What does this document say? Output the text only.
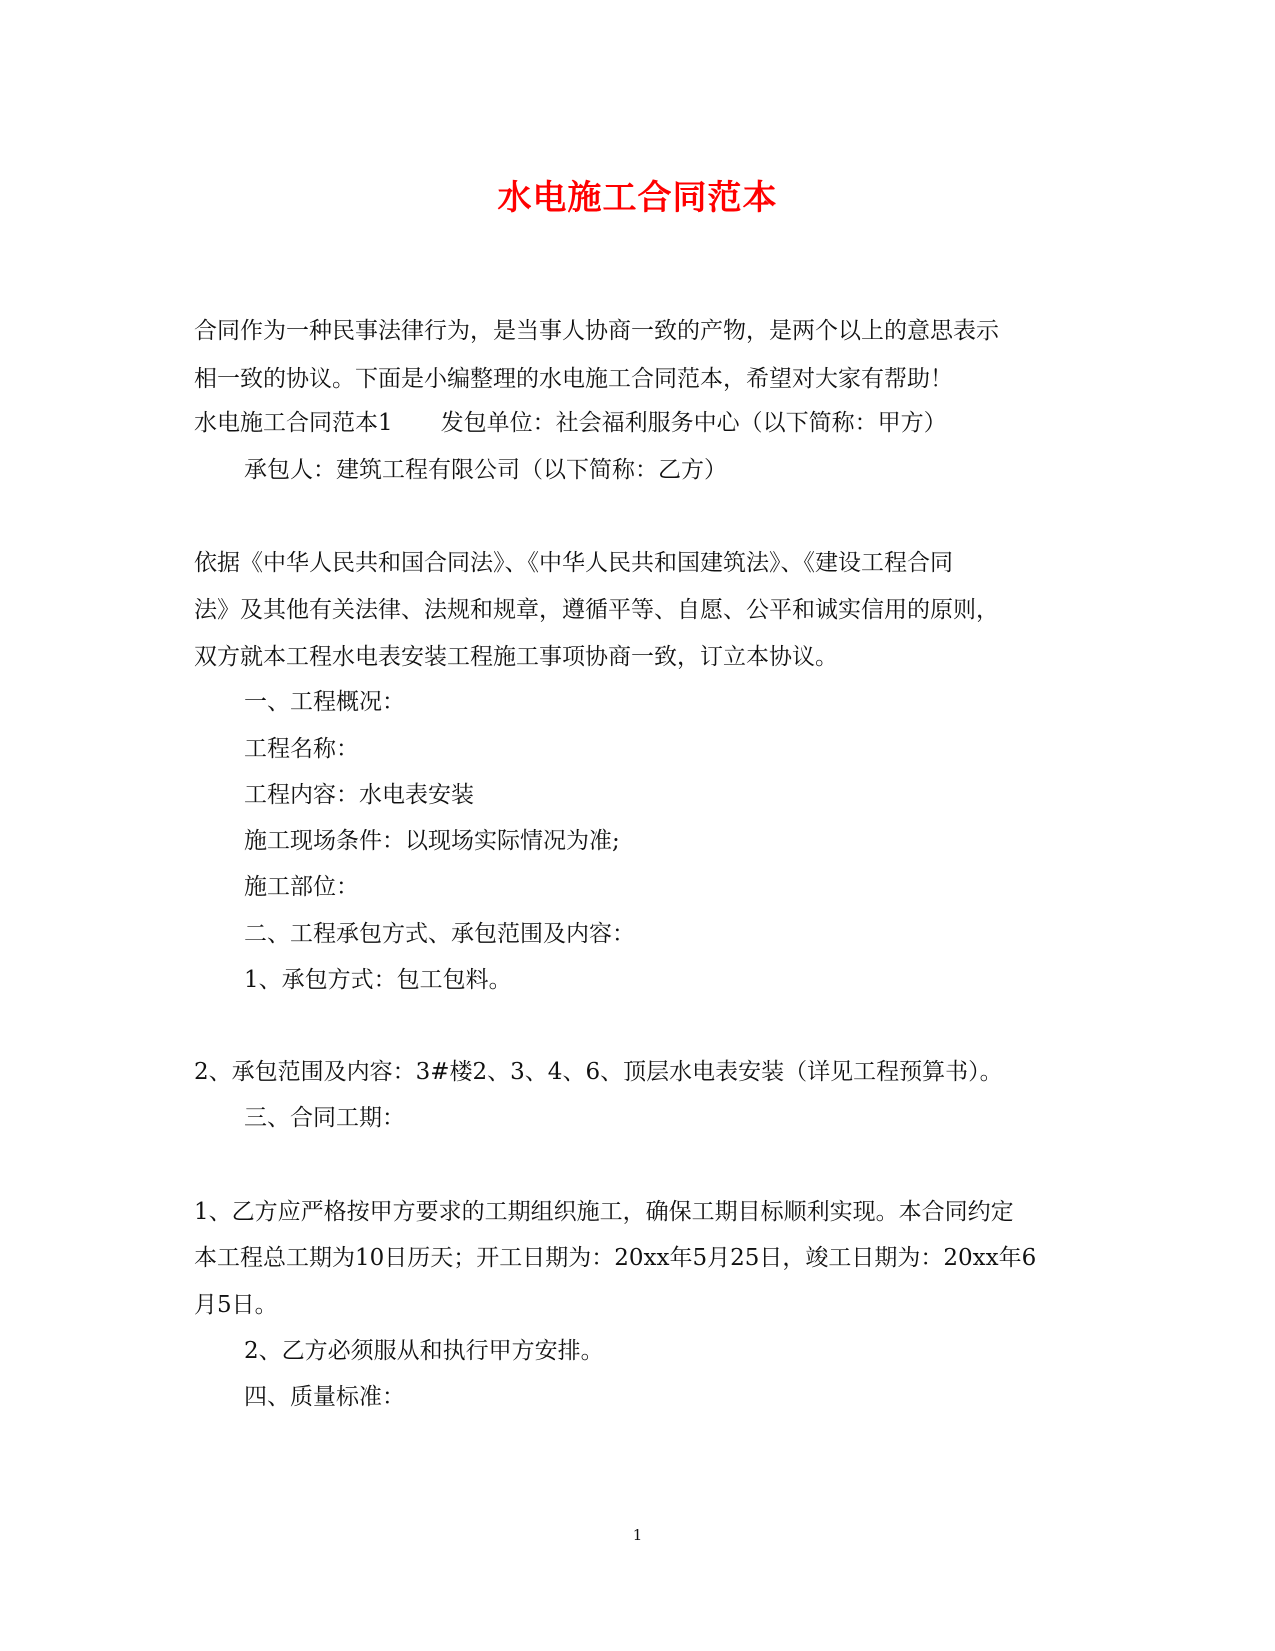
水电施工合同范本
合同作为一种民事法律行为，是当事人协商一致的产物，是两个以上的意思表示
相一致的协议。下面是小编整理的水电施工合同范本，希望对大家有帮助！
水电施工合同范本1 发包单位：社会福利服务中心（以下简称：甲方）
承包人：建筑工程有限公司（以下简称：乙方）
依据《中华人民共和国合同法》、《中华人民共和国建筑法》、《建设工程合同
法》及其他有关法律、法规和规章，遵循平等、自愿、公平和诚实信用的原则，
双方就本工程水电表安装工程施工事项协商一致，订立本协议。
一、工程概况：
工程名称：
工程内容：水电表安装
施工现场条件：以现场实际情况为准;
施工部位：
二、工程承包方式、承包范围及内容：
1、承包方式：包工包料。
2、承包范围及内容：3#楼2、3、4、6、顶层水电表安装（详见工程预算书）。
三、合同工期：
1、乙方应严格按甲方要求的工期组织施工，确保工期目标顺利实现。本合同约定
本工程总工期为10日历天；开工日期为：20xx年5月25日，竣工日期为：20xx年6
月5日。
2、乙方必须服从和执行甲方安排。
四、质量标准：
1
